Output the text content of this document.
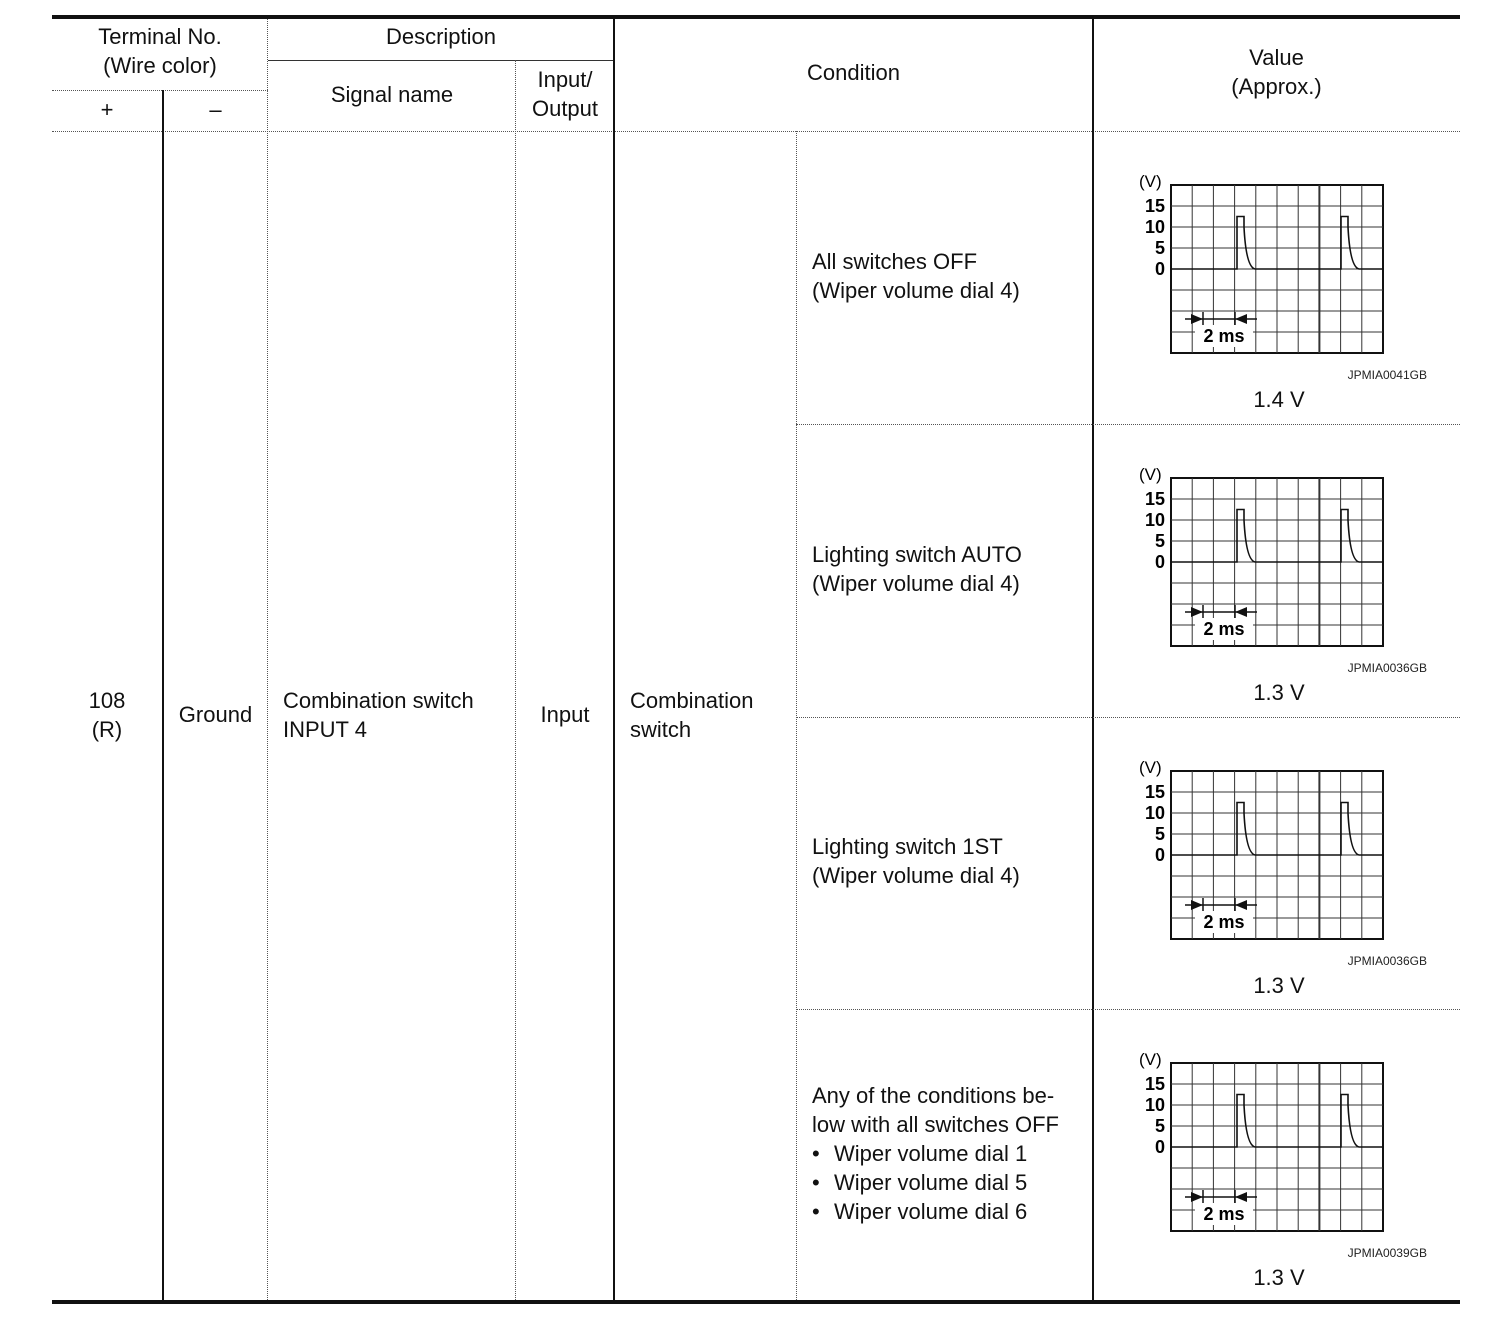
Terminal No.
(Wire color)
+	–
Description
Signal name
Input/
Output
Condition
Value
(Approx.)
108
(R)
Ground
Combination switch
INPUT 4
Input
Combination
switch
All switches OFF
(Wiper volume dial 4)
Lighting switch AUTO
(Wiper volume dial 4)
Lighting switch 1ST
(Wiper volume dial 4)
Any of the conditions be-
low with all switches OFF

• Wiper volume dial 1
• Wiper volume dial 5
• Wiper volume dial 6
(V)
15
10
5
0
2 ms
JPMIA0041GB
1.4 V
(V)
15
10
5
0
2 ms
JPMIA0036GB
1.3 V
(V)
15
10
5
0
2 ms
JPMIA0036GB
1.3 V
(V)
15
10
5
0
2 ms
JPMIA0039GB
1.3 V
